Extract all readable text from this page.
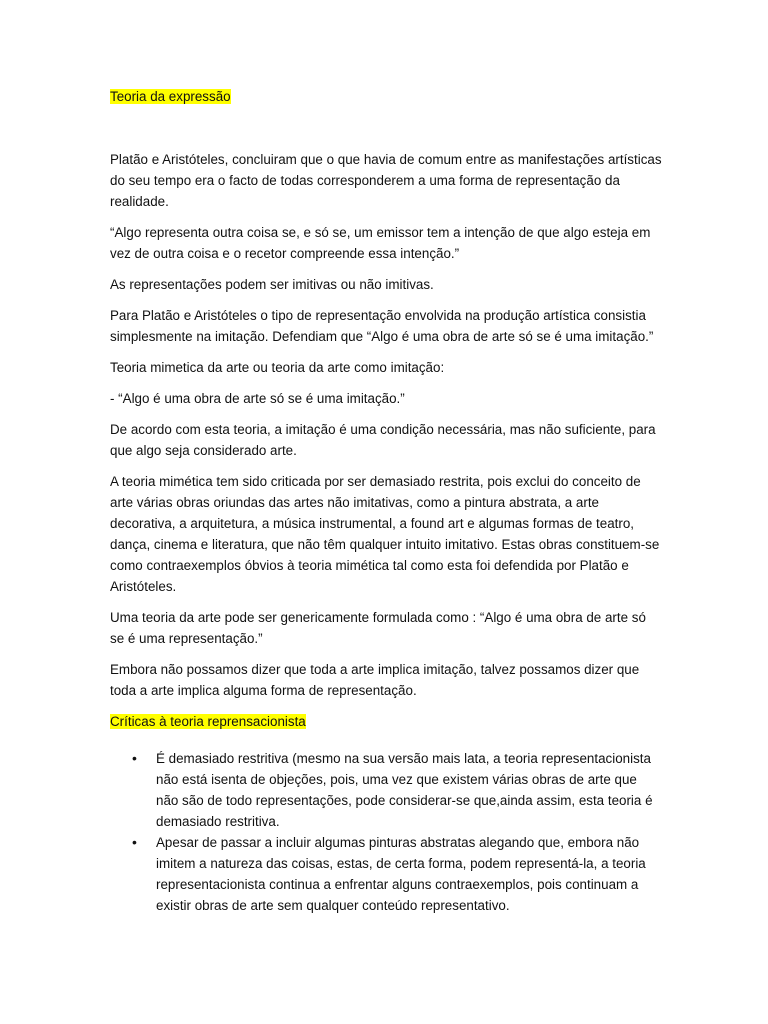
Teoria da expressão

Platão e Aristóteles, concluiram que o que havia de comum entre as manifestações artísticas do seu tempo era o facto de todas corresponderem a uma forma de representação da realidade.

“Algo representa outra coisa se, e só se, um emissor tem a intenção de que algo esteja em vez de outra coisa e o recetor compreende essa intenção.”

As representações podem ser imitivas ou não imitivas.

Para Platão e Aristóteles o tipo de representação envolvida na produção artística consistia simplesmente na imitação. Defendiam que “Algo é uma obra de arte só se é uma imitação.”

Teoria mimetica da arte ou teoria da arte como imitação:

- “Algo é uma obra de arte só se é uma imitação.”

De acordo com esta teoria, a imitação é uma condição necessária, mas não suficiente, para que algo seja considerado arte.

A teoria mimética tem sido criticada por ser demasiado restrita, pois exclui do conceito de arte várias obras oriundas das artes não imitativas, como a pintura abstrata, a arte decorativa, a arquitetura, a música instrumental, a found art e algumas formas de teatro, dança, cinema e literatura, que não têm qualquer intuito imitativo. Estas obras constituem-se como contraexemplos óbvios à teoria mimética tal como esta foi defendida por Platão e Aristóteles.

Uma teoria da arte pode ser genericamente formulada como : “Algo é uma obra de arte só se é uma representação.”

Embora não possamos dizer que toda a arte implica imitação, talvez possamos dizer que toda a arte implica alguma forma de representação.

Críticas à teoria reprensacionista
•	É demasiado restritiva (mesmo na sua versão mais lata, a teoria representacionista não está isenta de objeções, pois, uma vez que existem várias obras de arte que não são de todo representações, pode considerar-se que,ainda assim, esta teoria é demasiado restritiva.
•	Apesar de passar a incluir algumas pinturas abstratas alegando que, embora não imitem a natureza das coisas, estas, de certa forma, podem representá-la, a teoria representacionista continua a enfrentar alguns contraexemplos, pois continuam a existir obras de arte sem qualquer conteúdo representativo.
